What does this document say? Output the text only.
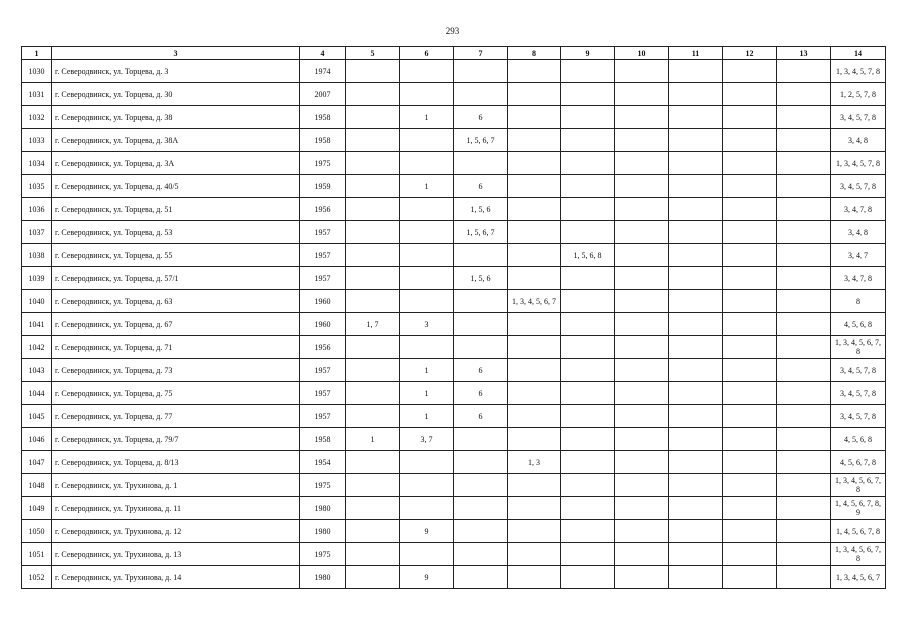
293
1	3	4	5	6	7	8	9	10	11	12	13	14
1030	г. Северодвинск, ул. Торцева, д. 3	1974										1, 3, 4, 5, 7, 8
1031	г. Северодвинск, ул. Торцева, д. 30	2007										1, 2, 5, 7, 8
1032	г. Северодвинск, ул. Торцева, д. 38	1958		1	6							3, 4, 5, 7, 8
1033	г. Северодвинск, ул. Торцева, д. 38А	1958			1, 5, 6, 7							3, 4, 8
1034	г. Северодвинск, ул. Торцева, д. 3А	1975										1, 3, 4, 5, 7, 8
1035	г. Северодвинск, ул. Торцева, д. 40/5	1959		1	6							3, 4, 5, 7, 8
1036	г. Северодвинск, ул. Торцева, д. 51	1956			1, 5, 6							3, 4, 7, 8
1037	г. Северодвинск, ул. Торцева, д. 53	1957			1, 5, 6, 7							3, 4, 8
1038	г. Северодвинск, ул. Торцева, д. 55	1957					1, 5, 6, 8					3, 4, 7
1039	г. Северодвинск, ул. Торцева, д. 57/1	1957			1, 5, 6							3, 4, 7, 8
1040	г. Северодвинск, ул. Торцева, д. 63	1960				1, 3, 4, 5, 6, 7						8
1041	г. Северодвинск, ул. Торцева, д. 67	1960	1, 7	3								4, 5, 6, 8
1042	г. Северодвинск, ул. Торцева, д. 71	1956										1, 3, 4, 5, 6, 7, 8
1043	г. Северодвинск, ул. Торцева, д. 73	1957		1	6							3, 4, 5, 7, 8
1044	г. Северодвинск, ул. Торцева, д. 75	1957		1	6							3, 4, 5, 7, 8
1045	г. Северодвинск, ул. Торцева, д. 77	1957		1	6							3, 4, 5, 7, 8
1046	г. Северодвинск, ул. Торцева, д. 79/7	1958	1	3, 7								4, 5, 6, 8
1047	г. Северодвинск, ул. Торцева, д. 8/13	1954				1, 3						4, 5, 6, 7, 8
1048	г. Северодвинск, ул. Трухинова, д. 1	1975										1, 3, 4, 5, 6, 7, 8
1049	г. Северодвинск, ул. Трухинова, д. 11	1980										1, 4, 5, 6, 7, 8, 9
1050	г. Северодвинск, ул. Трухинова, д. 12	1980		9								1, 4, 5, 6, 7, 8
1051	г. Северодвинск, ул. Трухинова, д. 13	1975										1, 3, 4, 5, 6, 7, 8
1052	г. Северодвинск, ул. Трухинова, д. 14	1980		9								1, 3, 4, 5, 6, 7
